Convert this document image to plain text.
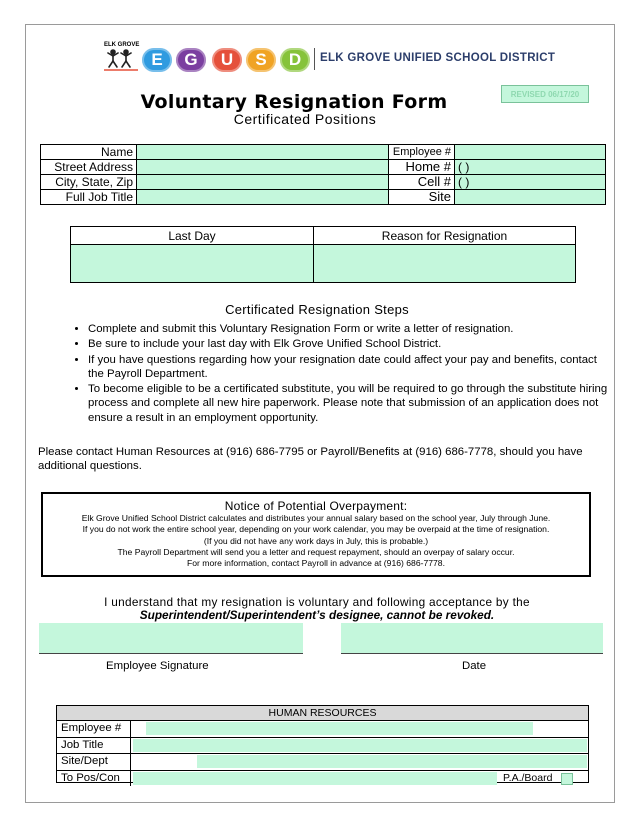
ELK GROVE
E	G	U	S	D	ELK GROVE UNIFIED SCHOOL DISTRICT
REVISED 06/17/20
Voluntary Resignation Form
Certificated Positions
Name		Employee #	
Street Address		Home #	( )
City, State, Zip		Cell #	( )
Full Job Title		Site	
Last Day	Reason for Resignation

Certificated Resignation Steps
• Complete and submit this Voluntary Resignation Form or write a letter of resignation.
• Be sure to include your last day with Elk Grove Unified School District.
• If you have questions regarding how your resignation date could affect your pay and benefits, contact the Payroll Department.
• To become eligible to be a certificated substitute, you will be required to go through the substitute hiring process and complete all new hire paperwork. Please note that submission of an application does not ensure a result in an employment opportunity.
Please contact Human Resources at (916) 686-7795 or Payroll/Benefits at (916) 686-7778, should you have additional questions.
Notice of Potential Overpayment:
Elk Grove Unified School District calculates and distributes your annual salary based on the school year, July through June.
If you do not work the entire school year, depending on your work calendar, you may be overpaid at the time of resignation.
(If you did not have any work days in July, this is probable.)
The Payroll Department will send you a letter and request repayment, should an overpay of salary occur.
For more information, contact Payroll in advance at (916) 686-7778.
I understand that my resignation is voluntary and following acceptance by the
Superintendent/Superintendent’s designee, cannot be revoked.
Employee Signature	Date
HUMAN RESOURCES
Employee #
Job Title
Site/Dept
To Pos/Con	P.A./Board
